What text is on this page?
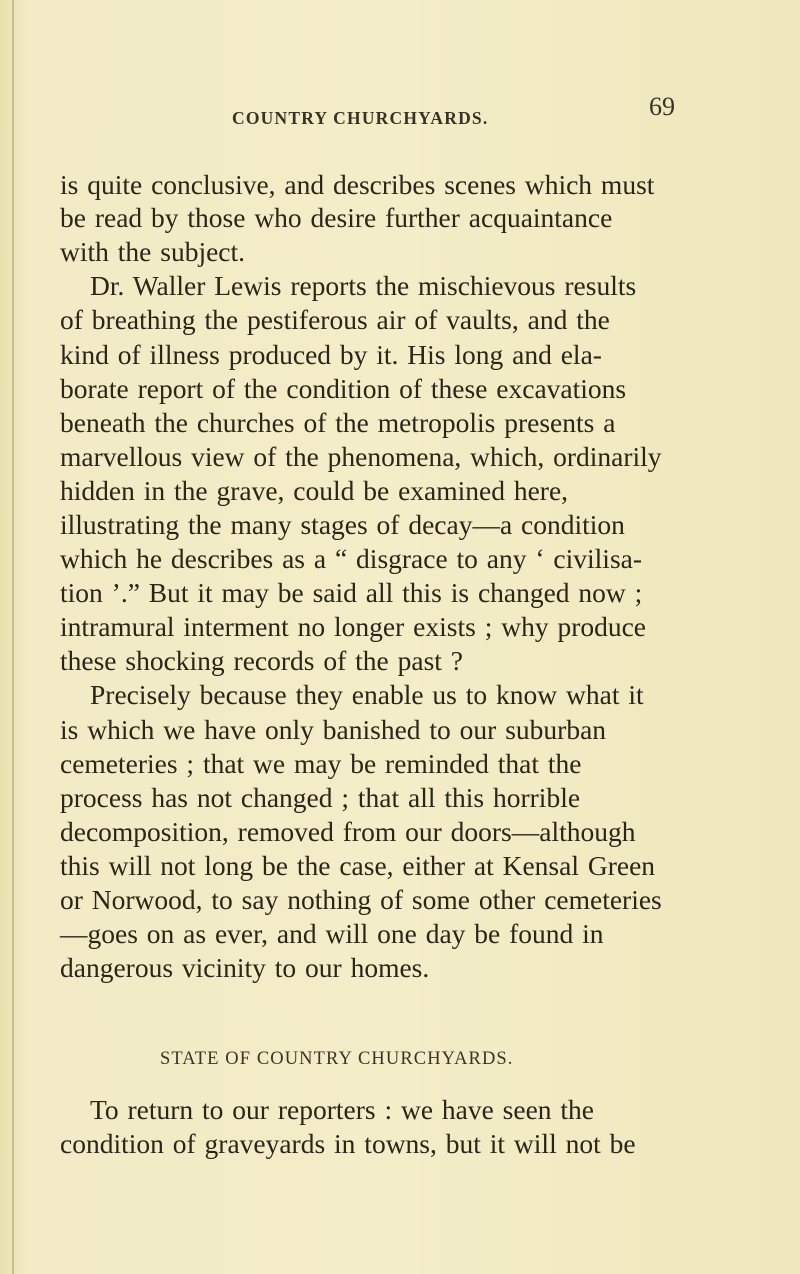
COUNTRY CHURCHYARDS.	69
is quite conclusive, and describes scenes which must
be read by those who desire further acquaintance
with the subject.
Dr. Waller Lewis reports the mischievous results
of breathing the pestiferous air of vaults, and the
kind of illness produced by it. His long and ela-
borate report of the condition of these excavations
beneath the churches of the metropolis presents a
marvellous view of the phenomena, which, ordinarily
hidden in the grave, could be examined here,
illustrating the many stages of decay—a condition
which he describes as a “ disgrace to any ‘ civilisa-
tion ’.” But it may be said all this is changed now ;
intramural interment no longer exists ; why produce
these shocking records of the past ?
Precisely because they enable us to know what it
is which we have only banished to our suburban
cemeteries ; that we may be reminded that the
process has not changed ; that all this horrible
decomposition, removed from our doors—although
this will not long be the case, either at Kensal Green
or Norwood, to say nothing of some other cemeteries
—goes on as ever, and will one day be found in
dangerous vicinity to our homes.
STATE OF COUNTRY CHURCHYARDS.
To return to our reporters : we have seen the
condition of graveyards in towns, but it will not be
